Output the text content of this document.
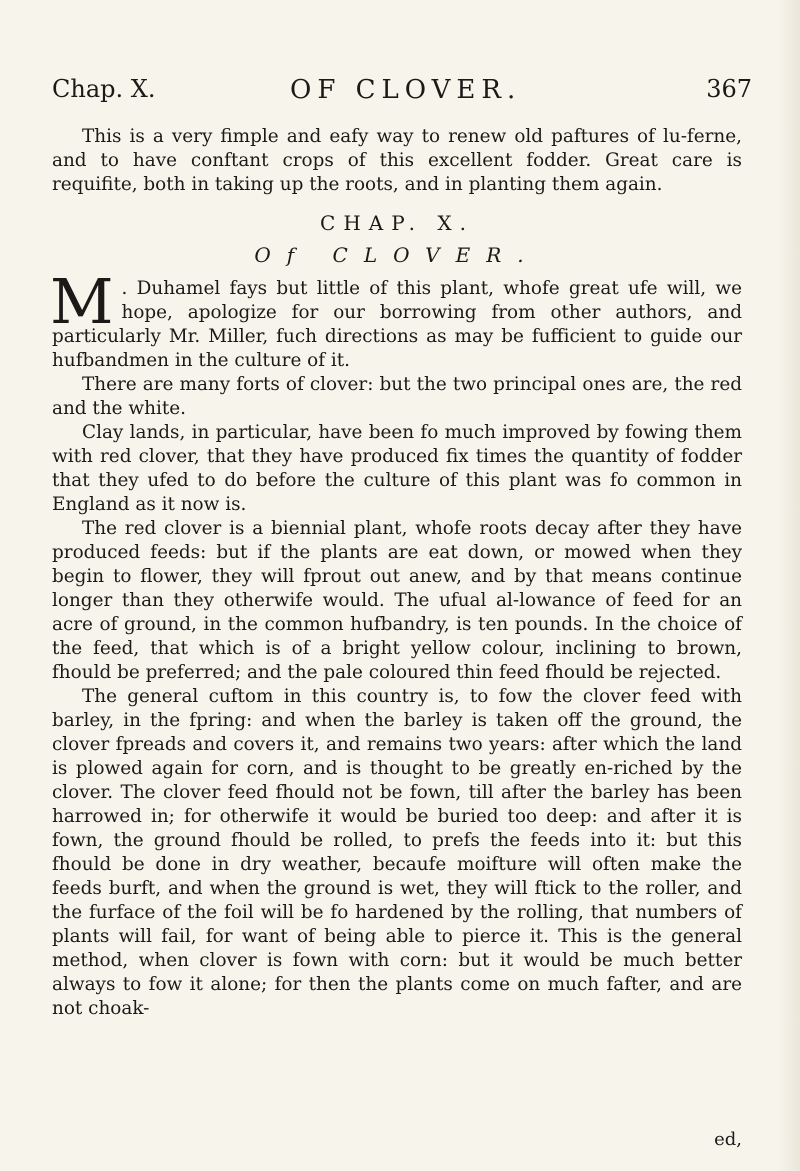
Chap. X.	OF CLOVER.	367

This is a very fimple and eafy way to renew old paftures of lu-ferne, and to have conftant crops of this excellent fodder. Great care is requifite, both in taking up the roots, and in planting them again.

CHAP. X.
Of CLOVER.

M . Duhamel fays but little of this plant, whofe great ufe will, we hope, apologize for our borrowing from other authors, and particularly Mr. Miller, fuch directions as may be fufficient to guide our hufbandmen in the culture of it.

There are many forts of clover: but the two principal ones are, the red and the white.

Clay lands, in particular, have been fo much improved by fowing them with red clover, that they have produced fix times the quantity of fodder that they ufed to do before the culture of this plant was fo common in England as it now is.

The red clover is a biennial plant, whofe roots decay after they have produced feeds: but if the plants are eat down, or mowed when they begin to flower, they will fprout out anew, and by that means continue longer than they otherwife would. The ufual al-lowance of feed for an acre of ground, in the common hufbandry, is ten pounds. In the choice of the feed, that which is of a bright yellow colour, inclining to brown, fhould be preferred; and the pale coloured thin feed fhould be rejected.

The general cuftom in this country is, to fow the clover feed with barley, in the fpring: and when the barley is taken off the ground, the clover fpreads and covers it, and remains two years: after which the land is plowed again for corn, and is thought to be greatly en-riched by the clover. The clover feed fhould not be fown, till after the barley has been harrowed in; for otherwife it would be buried too deep: and after it is fown, the ground fhould be rolled, to prefs the feeds into it: but this fhould be done in dry weather, becaufe moifture will often make the feeds burft, and when the ground is wet, they will ftick to the roller, and the furface of the foil will be fo hardened by the rolling, that numbers of plants will fail, for want of being able to pierce it. This is the general method, when clover is fown with corn: but it would be much better always to fow it alone; for then the plants come on much fafter, and are not choak-

ed,
